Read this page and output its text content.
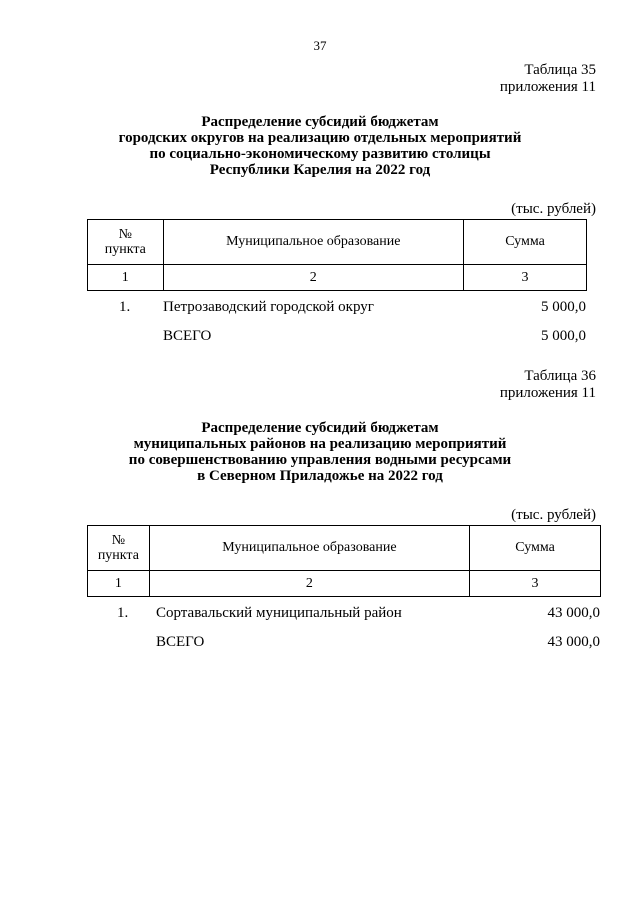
37
Таблица 35
приложения 11
Распределение субсидий бюджетам
городских округов на реализацию отдельных мероприятий
по социально-экономическому развитию столицы
Республики Карелия на 2022 год
(тыс. рублей)
№
пункта	Муниципальное образование	Сумма
1	2	3
1. Петрозаводский городской округ	5 000,0
ВСЕГО	5 000,0
Таблица 36
приложения 11
Распределение субсидий бюджетам
муниципальных районов на реализацию мероприятий
по совершенствованию управления водными ресурсами
в Северном Приладожье на 2022 год
(тыс. рублей)
№
пункта	Муниципальное образование	Сумма
1	2	3
1. Сортавальский муниципальный район	43 000,0
ВСЕГО	43 000,0
